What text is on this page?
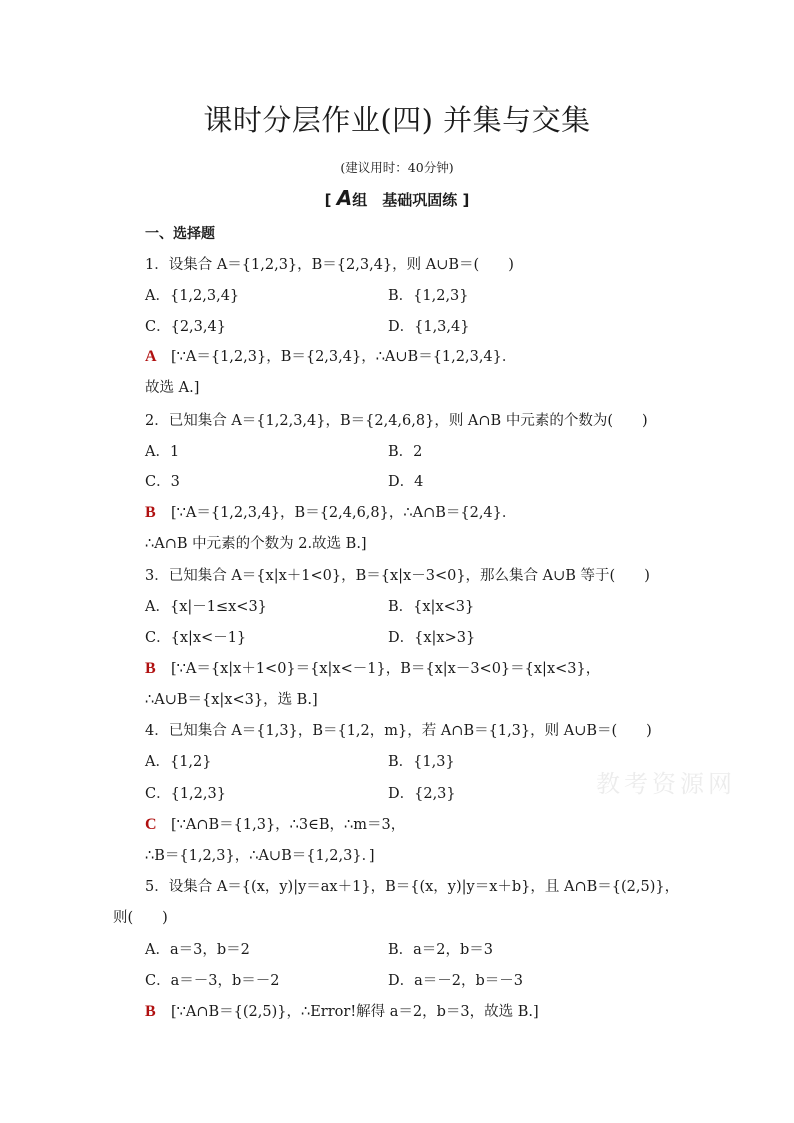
课时分层作业(四) 并集与交集
(建议用时：40分钟)
[ A组　基础巩固练 ]
一、选择题
1．设集合 A＝{1,2,3}，B＝{2,3,4}，则 A∪B＝(　　)
A．{1,2,3,4}	B．{1,2,3}
C．{2,3,4}	D．{1,3,4}
A [∵A＝{1,2,3}，B＝{2,3,4}，∴A∪B＝{1,2,3,4}．
故选 A.]
2．已知集合 A＝{1,2,3,4}，B＝{2,4,6,8}，则 A∩B 中元素的个数为(　　)
A．1	B．2
C．3	D．4
B [∵A＝{1,2,3,4}，B＝{2,4,6,8}，∴A∩B＝{2,4}．
∴A∩B 中元素的个数为 2.故选 B.]
3．已知集合 A＝{x|x＋1<0}，B＝{x|x－3<0}，那么集合 A∪B 等于(　　)
A．{x|－1≤x<3}	B．{x|x<3}
C．{x|x<－1}	D．{x|x>3}
B [∵A＝{x|x＋1<0}＝{x|x<－1}，B＝{x|x－3<0}＝{x|x<3}，
∴A∪B＝{x|x<3}，选 B.]
4．已知集合 A＝{1,3}，B＝{1,2，m}，若 A∩B＝{1,3}，则 A∪B＝(　　)
A．{1,2}	B．{1,3}
C．{1,2,3}	D．{2,3}
C [∵A∩B＝{1,3}，∴3∈B，∴m＝3，
∴B＝{1,2,3}，∴A∪B＝{1,2,3}．]
5．设集合 A＝{(x，y)|y＝ax＋1}，B＝{(x，y)|y＝x＋b}，且 A∩B＝{(2,5)}，
则(　　)
A．a＝3，b＝2	B．a＝2，b＝3
C．a＝－3，b＝－2	D．a＝－2，b＝－3
B [∵A∩B＝{(2,5)}，∴Error!解得 a＝2，b＝3，故选 B.]
教考资源网
